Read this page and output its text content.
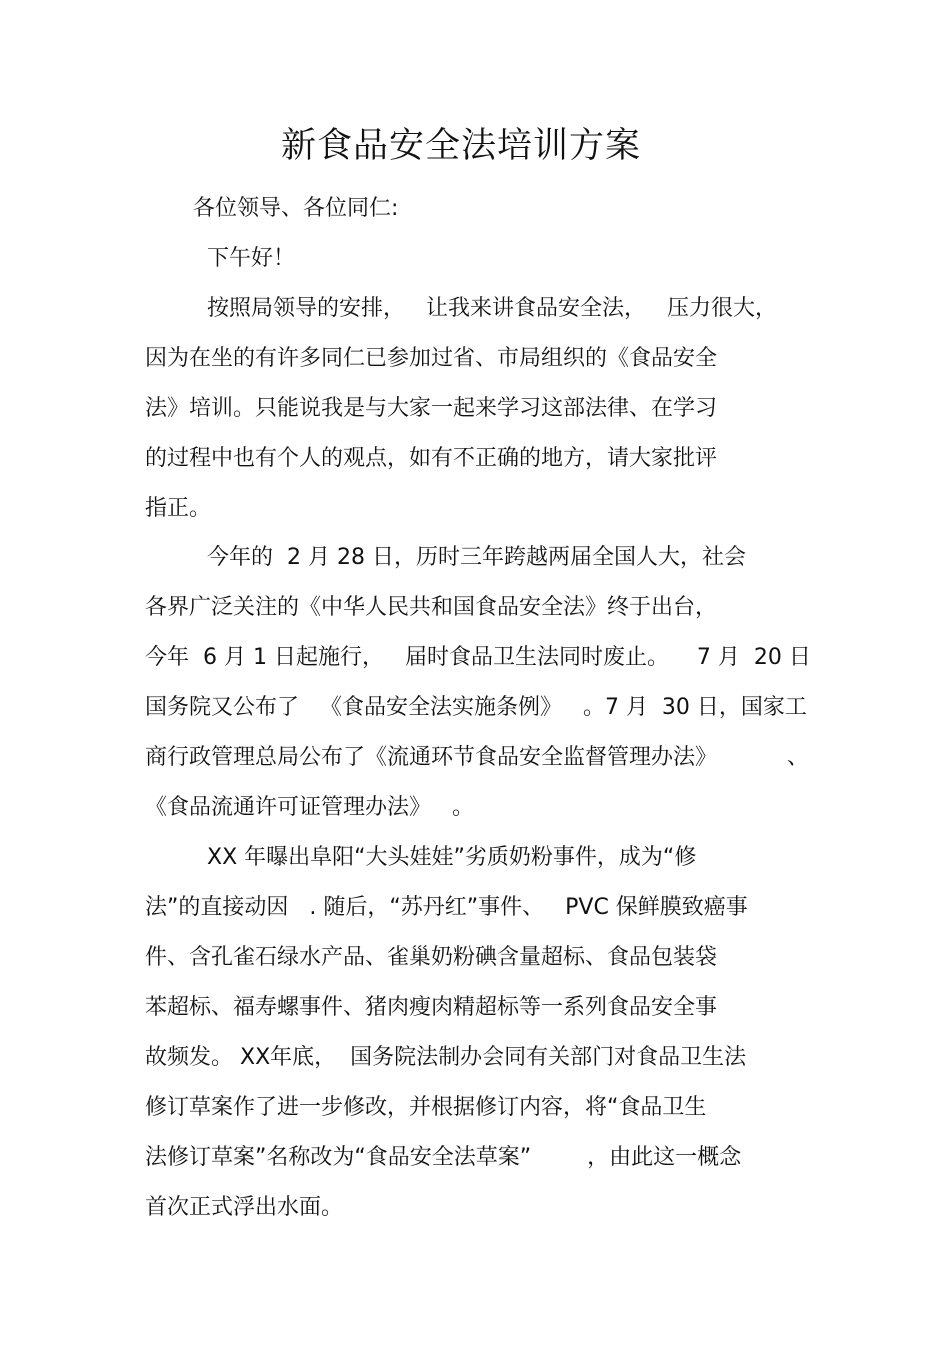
新食品安全法培训方案
各位领导、各位同仁:
下午好！
按照局领导的安排，   让我来讲食品安全法，   压力很大，
因为在坐的有许多同仁已参加过省、市局组织的《食品安全
法》培训。只能说我是与大家一起来学习这部法律、在学习
的过程中也有个人的观点，如有不正确的地方，请大家批评
指正。
今年的  2 月 28 日，历时三年跨越两届全国人大，社会
各界广泛关注的《中华人民共和国食品安全法》终于出台，
今年  6 月 1 日起施行，   届时食品卫生法同时废止。    7 月  20 日
国务院又公布了   《食品安全法实施条例》   。7 月  30 日，国家工
商行政管理总局公布了《流通环节食品安全监督管理办法》          、
《食品流通许可证管理办法》   。
XX 年曝出阜阳“大头娃娃”劣质奶粉事件，成为“修
法”的直接动因   . 随后，“苏丹红”事件、   PVC 保鲜膜致癌事
件、含孔雀石绿水产品、雀巢奶粉碘含量超标、食品包装袋
苯超标、福寿螺事件、猪肉瘦肉精超标等一系列食品安全事
故频发。 XX年底，  国务院法制办会同有关部门对食品卫生法
修订草案作了进一步修改，并根据修订内容，将“食品卫生
法修订草案”名称改为“食品安全法草案”        ，由此这一概念
首次正式浮出水面。
